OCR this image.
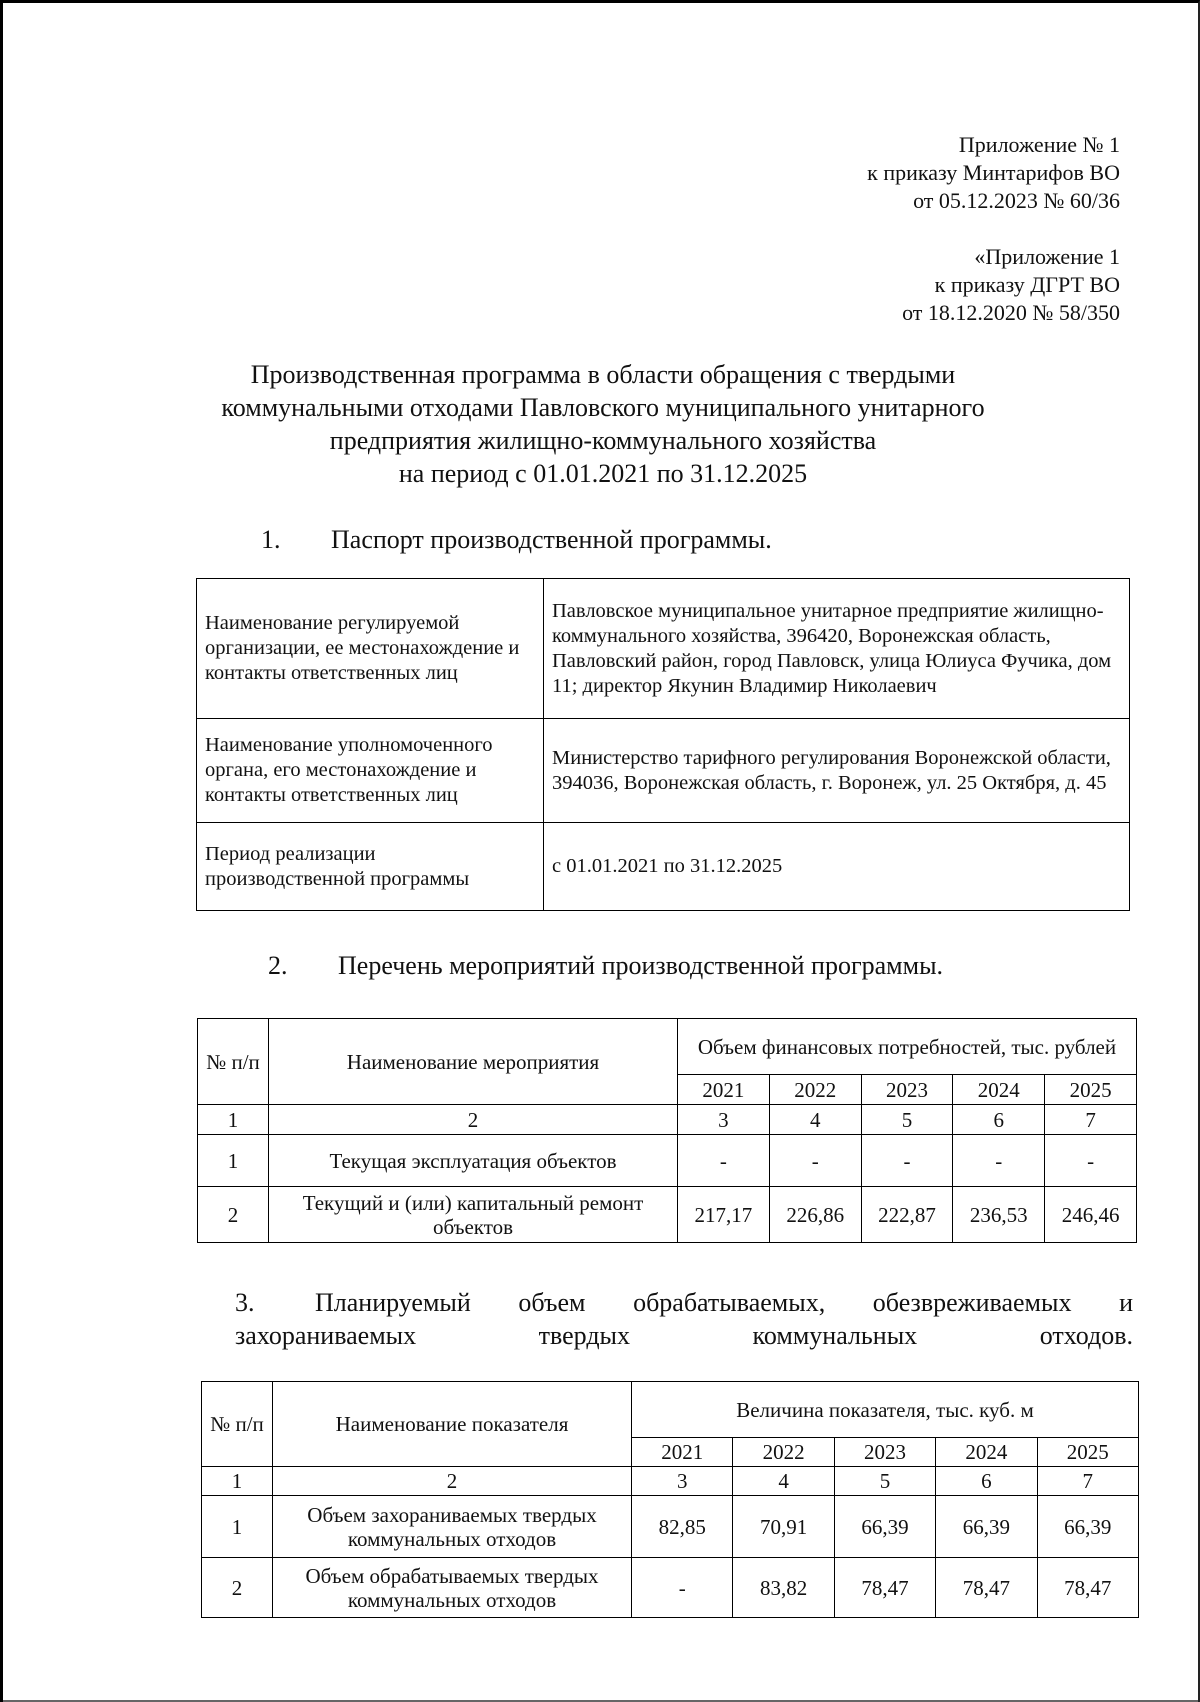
Приложение № 1
к приказу Минтарифов ВО
от 05.12.2023 № 60/36
«Приложение 1
к приказу ДГРТ ВО
от 18.12.2020 № 58/350
Производственная программа в области обращения с твердыми
коммунальными отходами Павловского муниципального унитарного
предприятия жилищно-коммунального хозяйства
на период с 01.01.2021 по 31.12.2025
1. Паспорт производственной программы.
Наименование регулируемой организации, ее местонахождение и контакты ответственных лиц	Павловское муниципальное унитарное предприятие жилищно-коммунального хозяйства, 396420, Воронежская область, Павловский район, город Павловск, улица Юлиуса Фучика, дом 11; директор Якунин Владимир Николаевич
Наименование уполномоченного органа, его местонахождение и контакты ответственных лиц	Министерство тарифного регулирования Воронежской области, 394036, Воронежская область, г. Воронеж, ул. 25 Октября, д. 45
Период реализации производственной программы	с 01.01.2021 по 31.12.2025
2. Перечень мероприятий производственной программы.
№ п/п	Наименование мероприятия	Объем финансовых потребностей, тыс. рублей				
		2021	2022	2023	2024	2025
1	2	3	4	5	6	7
1	Текущая эксплуатация объектов	-	-	-	-	-
2	Текущий и (или) капитальный ремонт объектов	217,17	226,86	222,87	236,53	246,46
3. Планируемый объем обрабатываемых, обезвреживаемых и захораниваемых твердых коммунальных отходов.
№ п/п	Наименование показателя	Величина показателя, тыс. куб. м				
		2021	2022	2023	2024	2025
1	2	3	4	5	6	7
1	Объем захораниваемых твердых коммунальных отходов	82,85	70,91	66,39	66,39	66,39
2	Объем обрабатываемых твердых коммунальных отходов	-	83,82	78,47	78,47	78,47
